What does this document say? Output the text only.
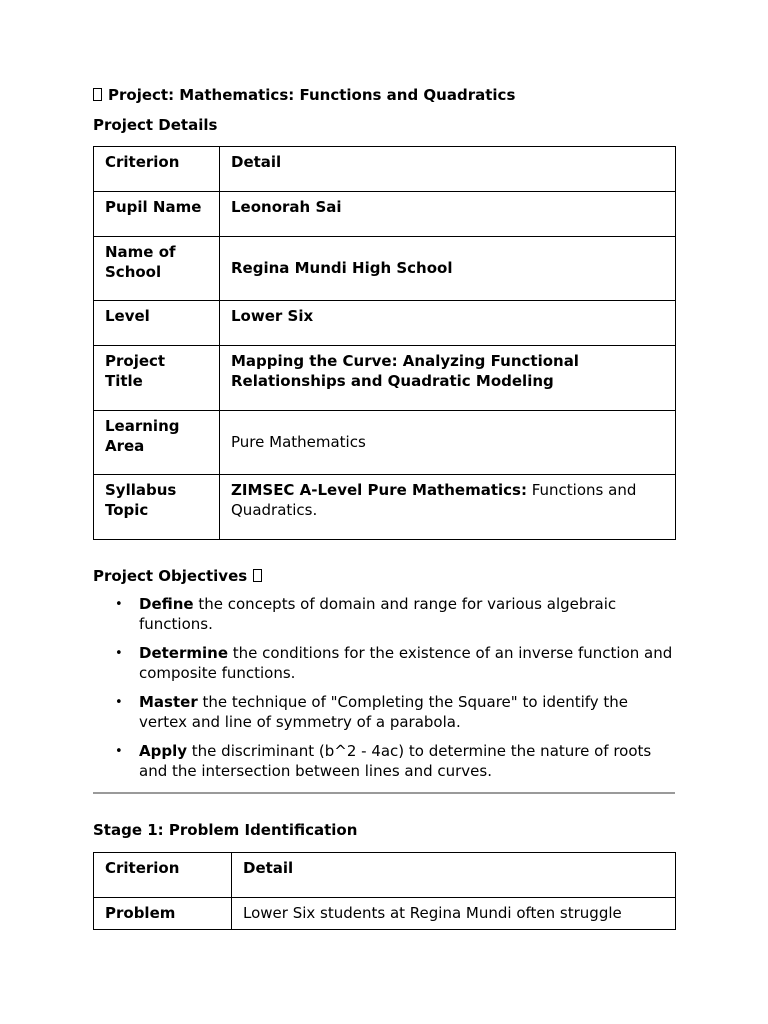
Project: Mathematics: Functions and Quadratics
Project Details
Criterion	Detail
Pupil Name	Leonorah Sai
Name of School	Regina Mundi High School
Level	Lower Six
Project Title	Mapping the Curve: Analyzing Functional Relationships and Quadratic Modeling
Learning Area	Pure Mathematics
Syllabus Topic	ZIMSEC A-Level Pure Mathematics: Functions and Quadratics.
Project Objectives
• Define the concepts of domain and range for various algebraic functions.
• Determine the conditions for the existence of an inverse function and composite functions.
• Master the technique of "Completing the Square" to identify the vertex and line of symmetry of a parabola.
• Apply the discriminant (b^2 - 4ac) to determine the nature of roots and the intersection between lines and curves.
Stage 1: Problem Identification
Criterion	Detail
Problem	Lower Six students at Regina Mundi often struggle
